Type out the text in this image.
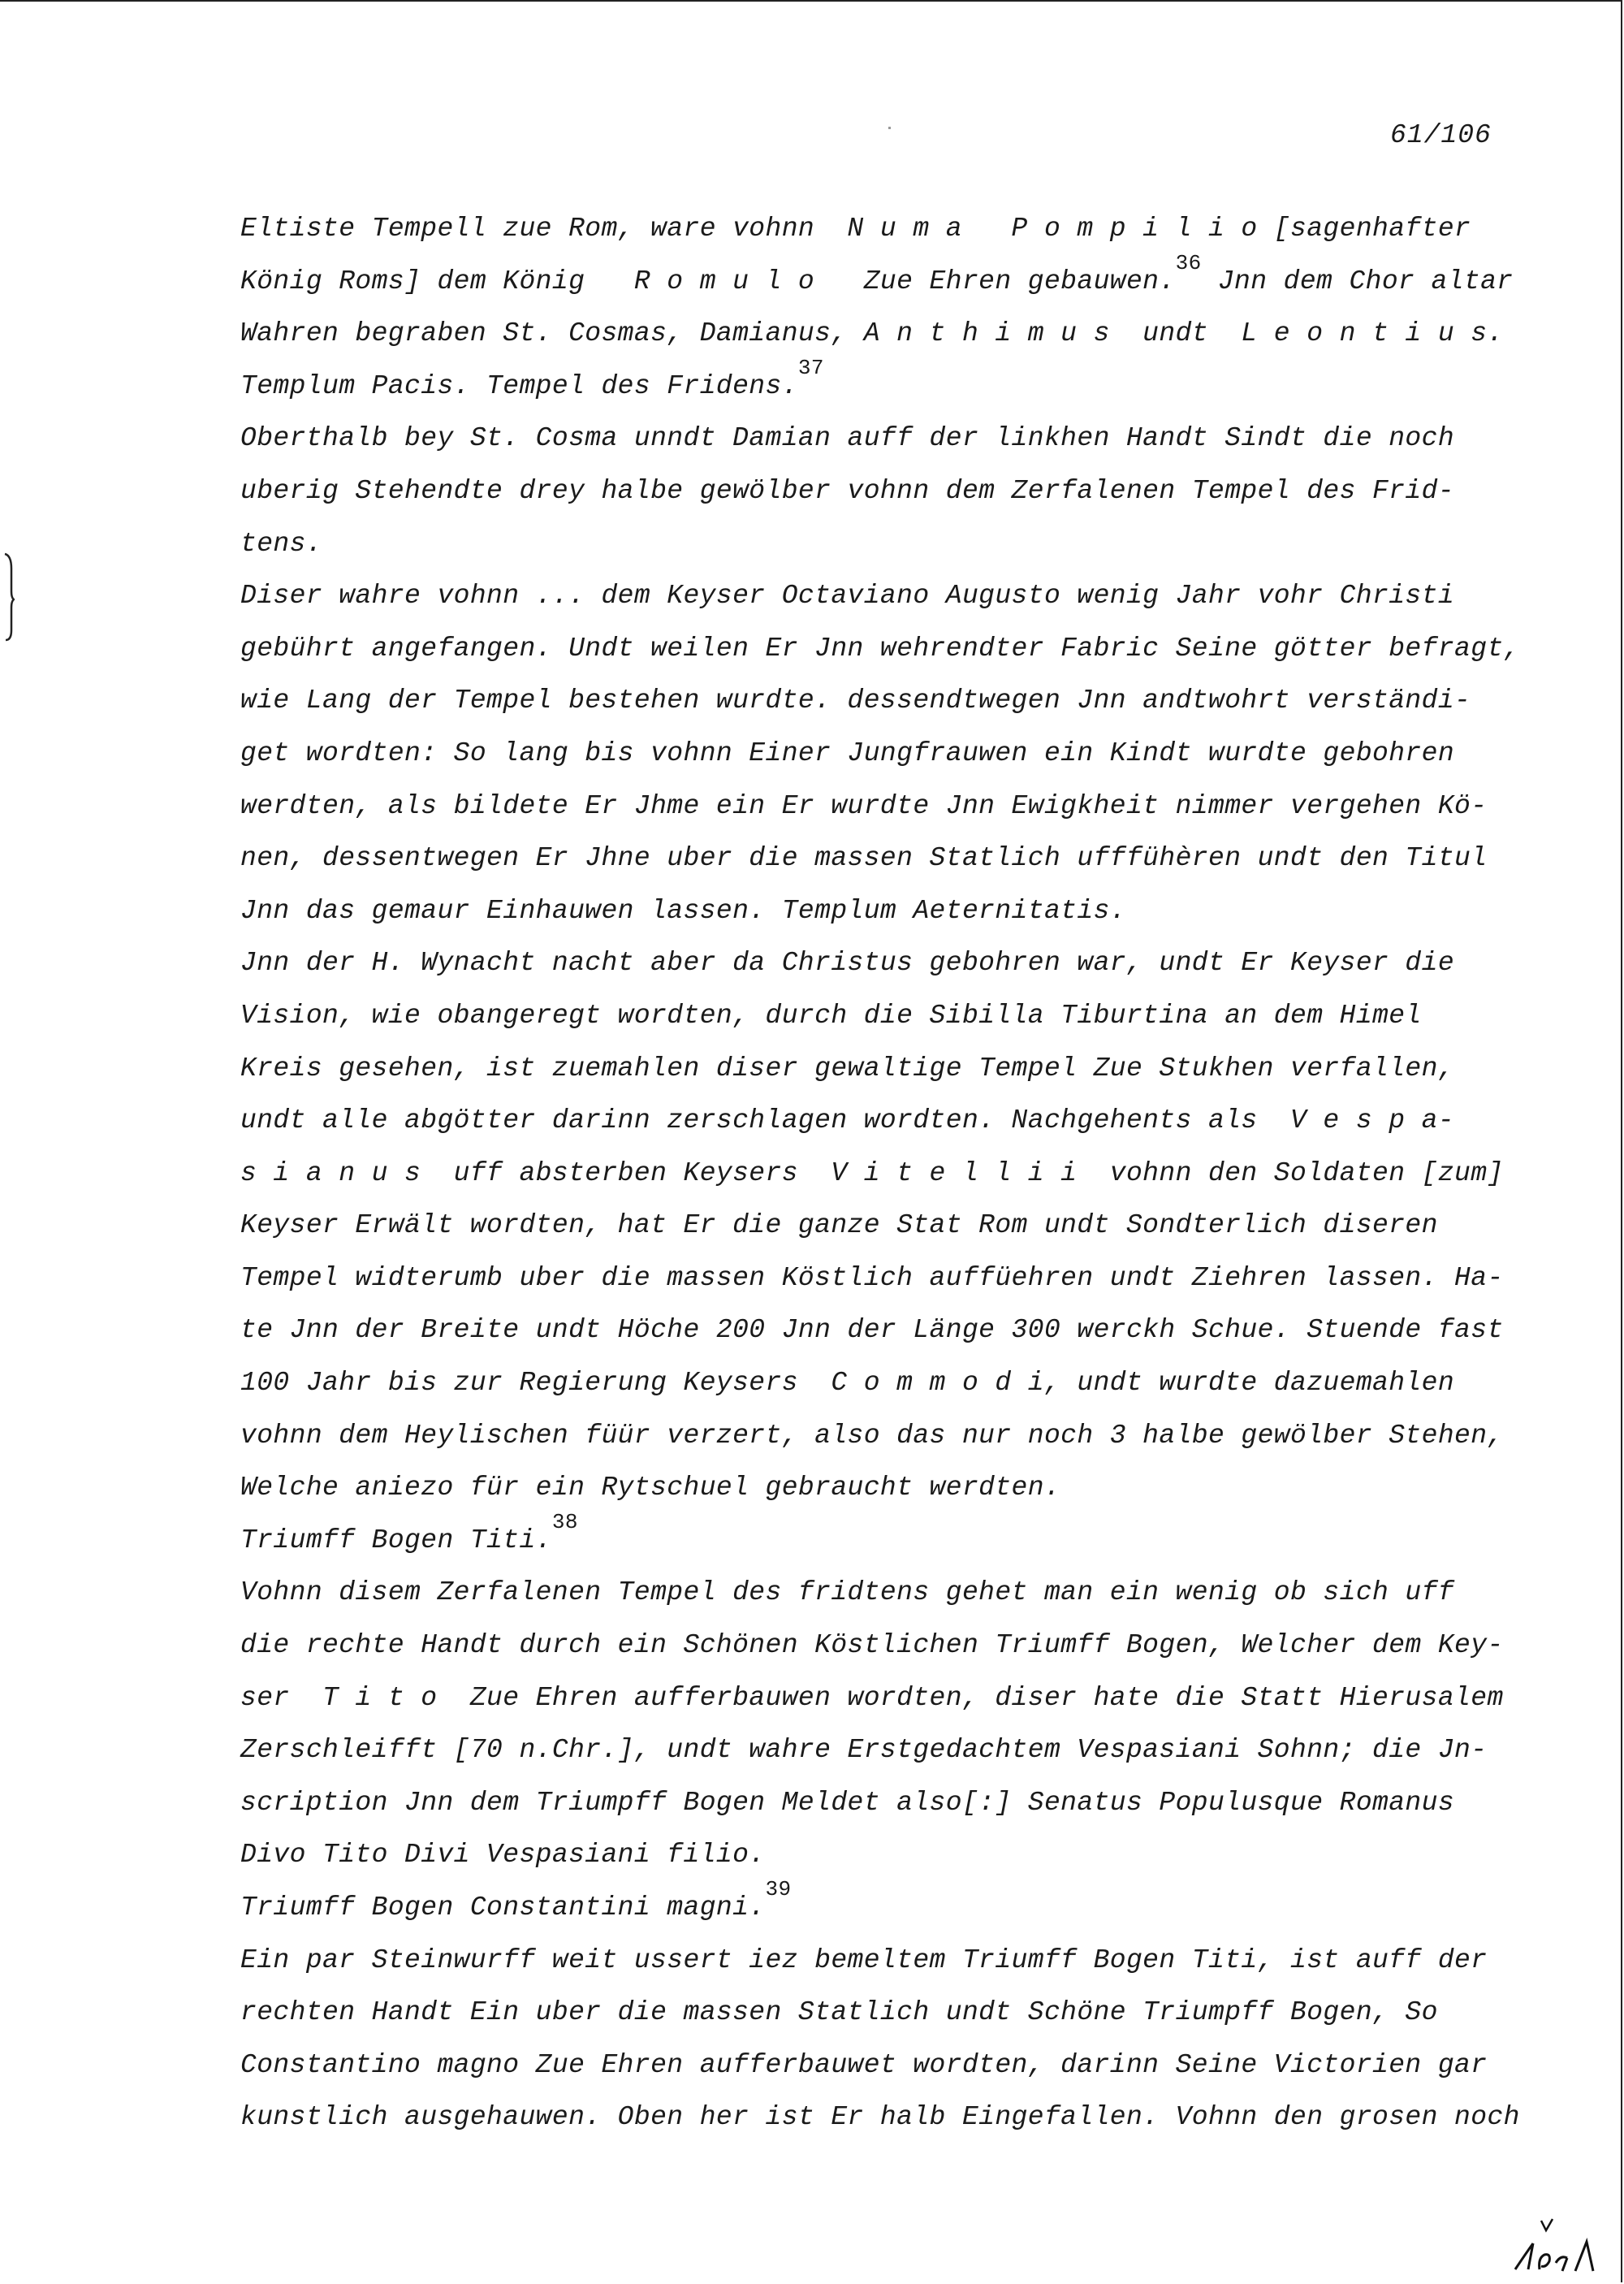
61/106
Eltiste Tempell zue Rom, ware vohnn  N u m a   P o m p i l i o [sagenhafter
König Roms] dem König   R o m u l o   Zue Ehren gebauwen.$^{36}$ Jnn dem Chor altar
Wahren begraben St. Cosmas, Damianus, A n t h i m u s  undt  L e o n t i u s.
Templum Pacis. Tempel des Fridens.$^{37}$
Oberthalb bey St. Cosma unndt Damian auff der linkhen Handt Sindt die noch
uberig Stehendte drey halbe gewölber vohnn dem Zerfalenen Tempel des Frid-
tens.
Diser wahre vohnn ... dem Keyser Octaviano Augusto wenig Jahr vohr Christi
gebührt angefangen. Undt weilen Er Jnn wehrendter Fabric Seine götter befragt,
wie Lang der Tempel bestehen wurdte. dessendtwegen Jnn andtwohrt verständi-
get wordten: So lang bis vohnn Einer Jungfrauwen ein Kindt wurdte gebohren
werdten, als bildete Er Jhme ein Er wurdte Jnn Ewigkheit nimmer vergehen Kö-
nen, dessentwegen Er Jhne uber die massen Statlich ufffühèren undt den Titul
Jnn das gemaur Einhauwen lassen. Templum Aeternitatis.
Jnn der H. Wynacht nacht aber da Christus gebohren war, undt Er Keyser die
Vision, wie obangeregt wordten, durch die Sibilla Tiburtina an dem Himel
Kreis gesehen, ist zuemahlen diser gewaltige Tempel Zue Stukhen verfallen,
undt alle abgötter darinn zerschlagen wordten. Nachgehents als  V e s p a-
s i a n u s  uff absterben Keysers  V i t e l l i i  vohnn den Soldaten [zum]
Keyser Erwält wordten, hat Er die ganze Stat Rom undt Sondterlich diseren
Tempel widterumb uber die massen Köstlich auffüehren undt Ziehren lassen. Ha-
te Jnn der Breite undt Höche 200 Jnn der Länge 300 werckh Schue. Stuende fast
100 Jahr bis zur Regierung Keysers  C o m m o d i, undt wurdte dazuemahlen
vohnn dem Heylischen füür verzert, also das nur noch 3 halbe gewölber Stehen,
Welche aniezo für ein Rytschuel gebraucht werdten.
Triumff Bogen Titi.$^{38}$
Vohnn disem Zerfalenen Tempel des fridtens gehet man ein wenig ob sich uff
die rechte Handt durch ein Schönen Köstlichen Triumff Bogen, Welcher dem Key-
ser  T i t o  Zue Ehren aufferbauwen wordten, diser hate die Statt Hierusalem
Zerschleifft [70 n.Chr.], undt wahre Erstgedachtem Vespasiani Sohnn; die Jn-
scription Jnn dem Triumpff Bogen Meldet also[:] Senatus Populusque Romanus
Divo Tito Divi Vespasiani filio.
Triumff Bogen Constantini magni.$^{39}$
Ein par Steinwurff weit ussert iez bemeltem Triumff Bogen Titi, ist auff der
rechten Handt Ein uber die massen Statlich undt Schöne Triumpff Bogen, So
Constantino magno Zue Ehren aufferbauwet wordten, darinn Seine Victorien gar
kunstlich ausgehauwen. Oben her ist Er halb Eingefallen. Vohnn den grosen noch
